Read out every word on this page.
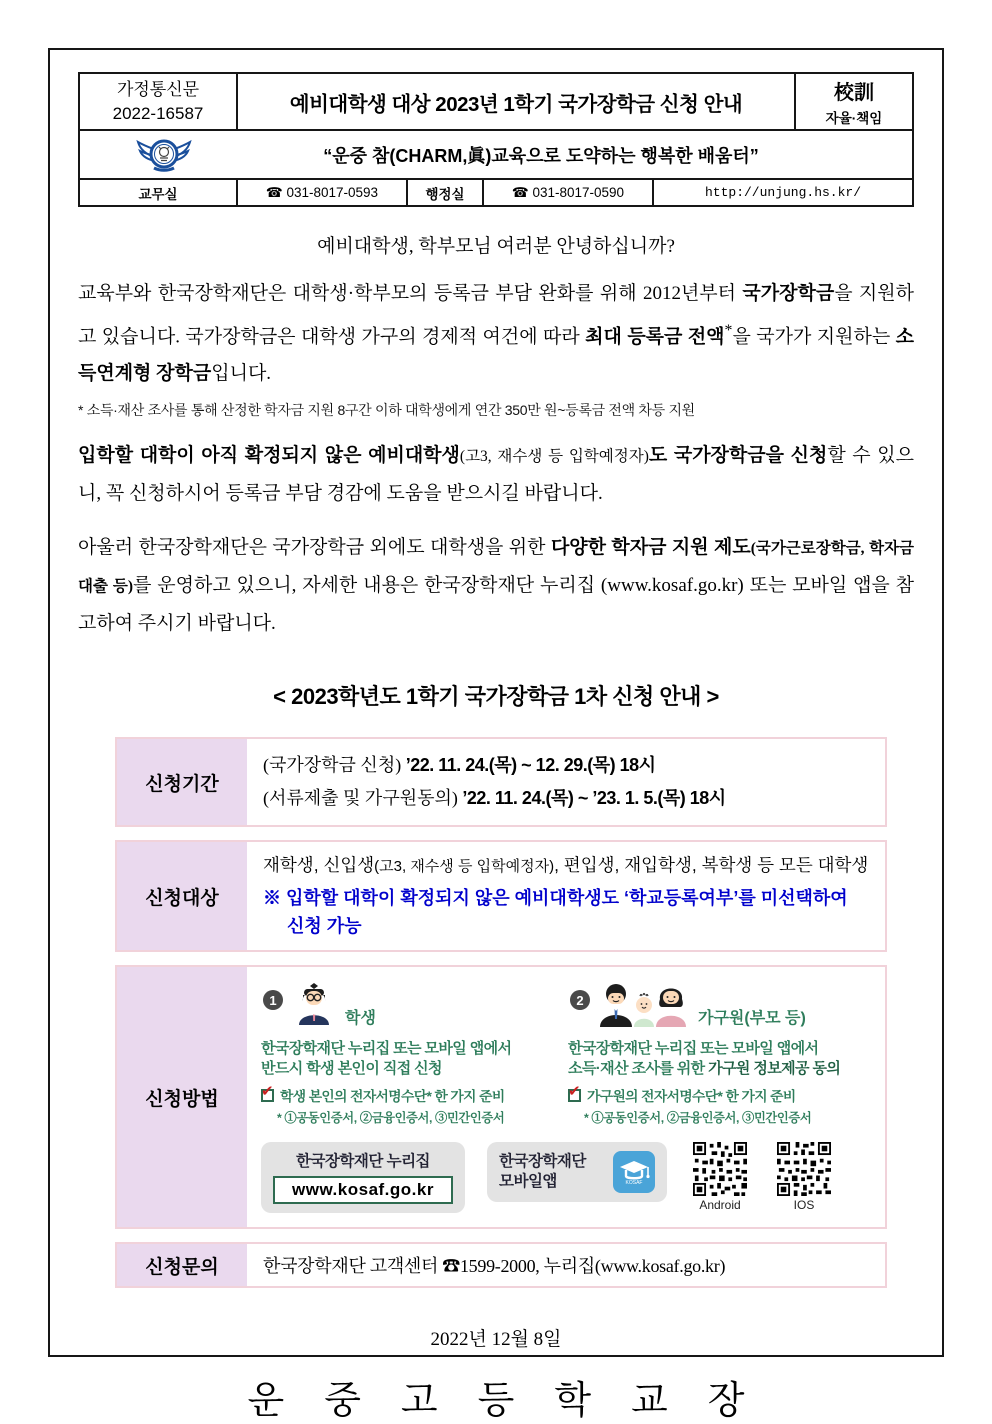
가정통신문
2022-16587	예비대학생 대상 2023년 1학기 국가장학금 신청 안내	校訓
자율·책임
“운중 참(CHARM,眞)교육으로 도약하는 행복한 배움터”
교무실	☎ 031-8017-0593	행정실	☎ 031-8017-0590	http://unjung.hs.kr/

예비대학생, 학부모님 여러분 안녕하십니까?

교육부와 한국장학재단은 대학생·학부모의 등록금 부담 완화를 위해 2012년부터 국가장학금을 지원하고 있습니다. 국가장학금은 대학생 가구의 경제적 여건에 따라 최대 등록금 전액*을 국가가 지원하는 소득연계형 장학금입니다.

* 소득·재산 조사를 통해 산정한 학자금 지원 8구간 이하 대학생에게 연간 350만 원~등록금 전액 차등 지원

입학할 대학이 아직 확정되지 않은 예비대학생(고3, 재수생 등 입학예정자)도 국가장학금을 신청할 수 있으니, 꼭 신청하시어 등록금 부담 경감에 도움을 받으시길 바랍니다.

아울러 한국장학재단은 국가장학금 외에도 대학생을 위한 다양한 학자금 지원 제도(국가근로장학금, 학자금대출 등)를 운영하고 있으니, 자세한 내용은 한국장학재단 누리집 (www.kosaf.go.kr) 또는 모바일 앱을 참고하여 주시기 바랍니다.

< 2023학년도 1학기 국가장학금 1차 신청 안내 >
신청기간
(국가장학금 신청) ’22. 11. 24.(목) ~ 12. 29.(목) 18시
(서류제출 및 가구원동의) ’22. 11. 24.(목) ~ ’23. 1. 5.(목) 18시
신청대상
재학생, 신입생(고3, 재수생 등 입학예정자), 편입생, 재입학생, 복학생 등 모든 대학생
※ 입학할 대학이 확정되지 않은 예비대학생도 ‘학교등록여부’를 미선택하여 신청 가능
신청방법
1
학생
한국장학재단 누리집 또는 모바일 앱에서
반드시 학생 본인이 직접 신청
✔ 학생 본인의 전자서명수단* 한 가지 준비
* ①공동인증서, ②금융인증서, ③민간인증서
2
가구원(부모 등)
한국장학재단 누리집 또는 모바일 앱에서
소득·재산 조사를 위한 가구원 정보제공 동의
✔ 가구원의 전자서명수단* 한 가지 준비
* ①공동인증서, ②금융인증서, ③민간인증서
한국장학재단 누리집
www.kosaf.go.kr
한국장학재단
모바일앱	KOSAF
Android	IOS
신청문의	한국장학재단 고객센터 ☎1599-2000, 누리집(www.kosaf.go.kr)

2022년 12월 8일

운중고등학교장
